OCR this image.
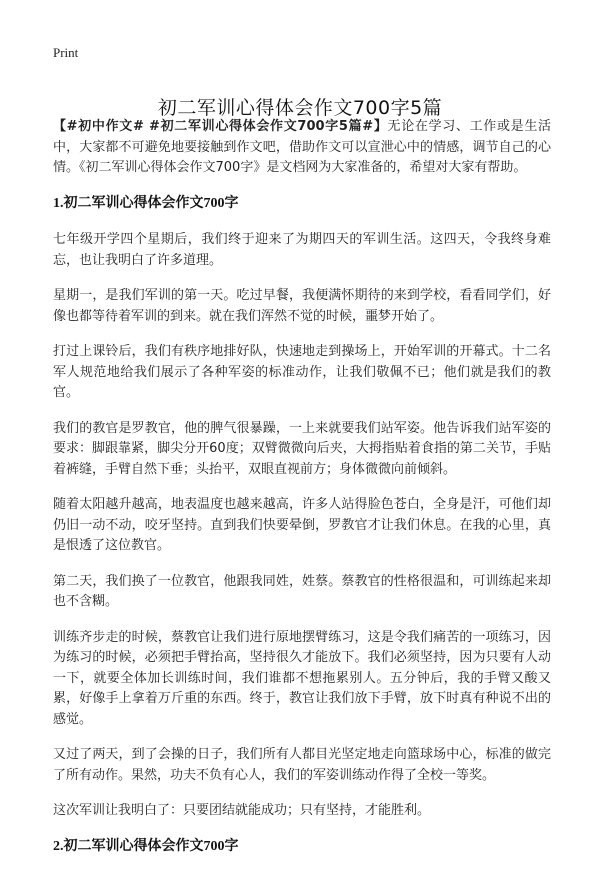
Print
初二军训心得体会作文700字5篇

【#初中作文# #初二军训心得体会作文700字5篇#】无论在学习、工作或是生活中，大家都不可避免地要接触到作文吧，借助作文可以宣泄心中的情感，调节自己的心情。《初二军训心得体会作文700字》是文档网为大家准备的，希望对大家有帮助。

1.初二军训心得体会作文700字

七年级开学四个星期后，我们终于迎来了为期四天的军训生活。这四天，令我终身难忘，也让我明白了许多道理。

星期一，是我们军训的第一天。吃过早餐，我便满怀期待的来到学校，看看同学们，好像也都等待着军训的到来。就在我们浑然不觉的时候，噩梦开始了。

打过上课铃后，我们有秩序地排好队，快速地走到操场上，开始军训的开幕式。十二名军人规范地给我们展示了各种军姿的标准动作，让我们敬佩不已；他们就是我们的教官。

我们的教官是罗教官，他的脾气很暴躁，一上来就要我们站军姿。他告诉我们站军姿的要求：脚跟靠紧，脚尖分开60度；双臂微微向后夹，大拇指贴着食指的第二关节，手贴着裤缝，手臂自然下垂；头抬平，双眼直视前方；身体微微向前倾斜。

随着太阳越升越高，地表温度也越来越高，许多人站得脸色苍白，全身是汗，可他们却仍旧一动不动，咬牙坚持。直到我们快要晕倒，罗教官才让我们休息。在我的心里，真是恨透了这位教官。

第二天，我们换了一位教官，他跟我同姓，姓蔡。蔡教官的性格很温和，可训练起来却也不含糊。

训练齐步走的时候，蔡教官让我们进行原地摆臂练习，这是令我们痛苦的一项练习，因为练习的时候，必须把手臂抬高，坚持很久才能放下。我们必须坚持，因为只要有人动一下，就要全体加长训练时间，我们谁都不想拖累别人。五分钟后，我的手臂又酸又累，好像手上拿着万斤重的东西。终于，教官让我们放下手臂，放下时真有种说不出的感觉。

又过了两天，到了会操的日子，我们所有人都目光坚定地走向篮球场中心，标准的做完了所有动作。果然，功夫不负有心人，我们的军姿训练动作得了全校一等奖。

这次军训让我明白了：只要团结就能成功；只有坚持，才能胜利。

2.初二军训心得体会作文700字
